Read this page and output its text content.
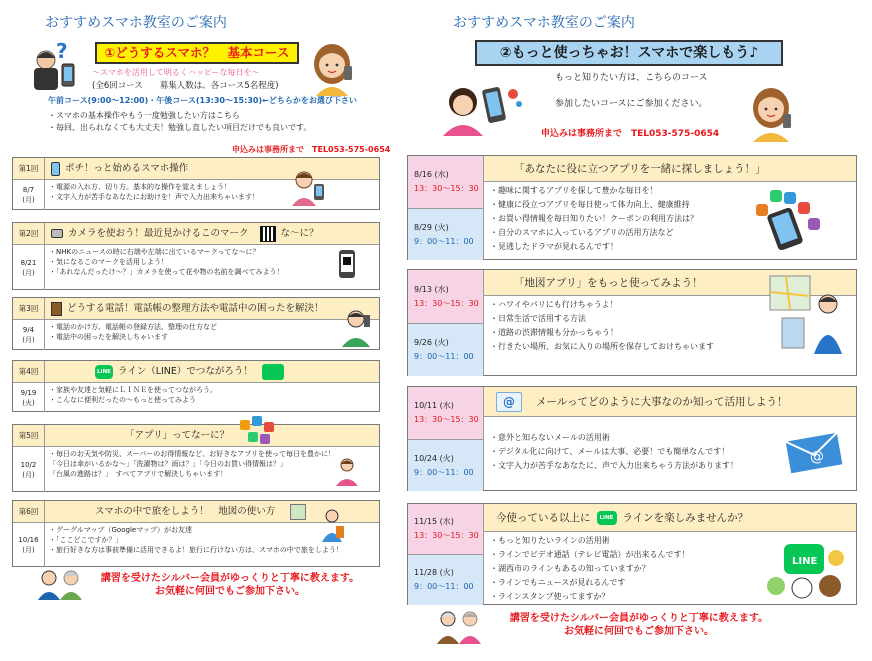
おすすめスマホ教室のご案内
?	①どうするスマホ？　基本コース
～スマホを活用して明るくハッピーな毎日を～
(全6回コース　　募集人数は、各コース5名程度)
午前コース(9:00～12:00)・午後コース(13:30～15:30)←どちらかをお選び下さい
・スマホの基本操作やもう一度勉強したい方はこちら
・毎回、出られなくても大丈夫！勉強し直したい項目だけでも良いです。
申込みは事務所まで　TEL053-575-0654
第1回	ポチ！っと始めるスマホ操作
8/7
(月)
・電源の入れ方、切り方。基本的な操作を覚えましょう！
・文字入力が苦手なあなたにお助けを！声で入力出来ちゃいます！
第2回	カメラを使おう！最近見かけるこのマーク	な～に？
8/21
(月)
・NHKのニュースの時に右端や左端に出ているマークってな～に？
・気になるこのマークを活用しよう！
・「あれなんだったけ～？」カメラを使って花や物の名前を調べてみよう！
第3回	どうする電話！電話帳の整理方法や電話中の困ったを解決！
9/4
(月)
・電話のかけ方、電話帳の登録方法、整理の仕方など
・電話中の困ったを解決しちゃいます
第4回	LINE ライン（LINE）でつながろう！
9/19
(火)
・家族や友達と気軽にＬＩＮＥを使ってつながろう。
・こんなに便利だったの～もっと使ってみよう
第5回	「アプリ」ってなーに？
10/2
(月)
・毎日のお天気や防災、スーパーのお得情報など、お好きなアプリを使って毎日を豊かに！
「今日は傘がいるかな～」「洗濯物は？雨は？」「今日のお買い得情報は？」
「台風の進路は？」　すべてアプリで解決しちゃいます！
第6回	スマホの中で旅をしよう！　地図の使い方
10/16
(月)
・グーグルマップ（Googleマップ）がお友達
・「ここどこですか？」
・旅行好きな方は事前準備に活用できるよ！旅行に行けない方は、スマホの中で旅をしよう！
講習を受けたシルバー会員がゆっくりと丁寧に教えます。
お気軽に何回でもご参加下さい。
おすすめスマホ教室のご案内
②もっと使っちゃお！スマホで楽しもう♪
もっと知りたい方は、こちらのコース
参加したいコースにご参加ください。
申込みは事務所まで　TEL053-575-0654
8/16 (水)
13：30～15：30
8/29 (火)
9：00～11：00
「あなたに役に立つアプリを一緒に探しましょう！」
・趣味に関するアプリを探して豊かな毎日を！
・健康に役立つアプリを毎日使って体力向上、健康維持
・お買い得情報を毎日知りたい！クーポンの利用方法は？
・自分のスマホに入っているアプリの活用方法など
・見逃したドラマが見れるんです！
9/13 (水)
13：30～15：30
9/26 (火)
9：00～11：00
「地図アプリ」をもっと使ってみよう！
・ハワイやパリにも行けちゃうよ！
・日常生活で活用する方法
・道路の渋滞情報も分かっちゃう！
・行きたい場所、お気に入りの場所を保存しておけちゃいます
10/11 (水)
13：30～15：30
10/24 (火)
9：00～11：00
@	メールってどのように大事なのか知って活用しよう！
・意外と知らないメールの活用術
・デジタル化に向けて、メールは大事、必要！でも簡単なんです！
・文字入力が苦手なあなたに、声で入力出来ちゃう方法があります！
@
11/15 (水)
13：30～15：30
11/28 (火)
9：00～11：00
今使っている以上に	LINE ラインを楽しみませんか？
・もっと知りたいラインの活用術
・ラインでビデオ通話（テレビ電話）が出来るんです！
・湖西市のラインもあるの知っていますか？
・ラインでもニュースが見れるんです
・ラインスタンプ使ってますか？
LINE
講習を受けたシルバー会員がゆっくりと丁寧に教えます。
お気軽に何回でもご参加下さい。
